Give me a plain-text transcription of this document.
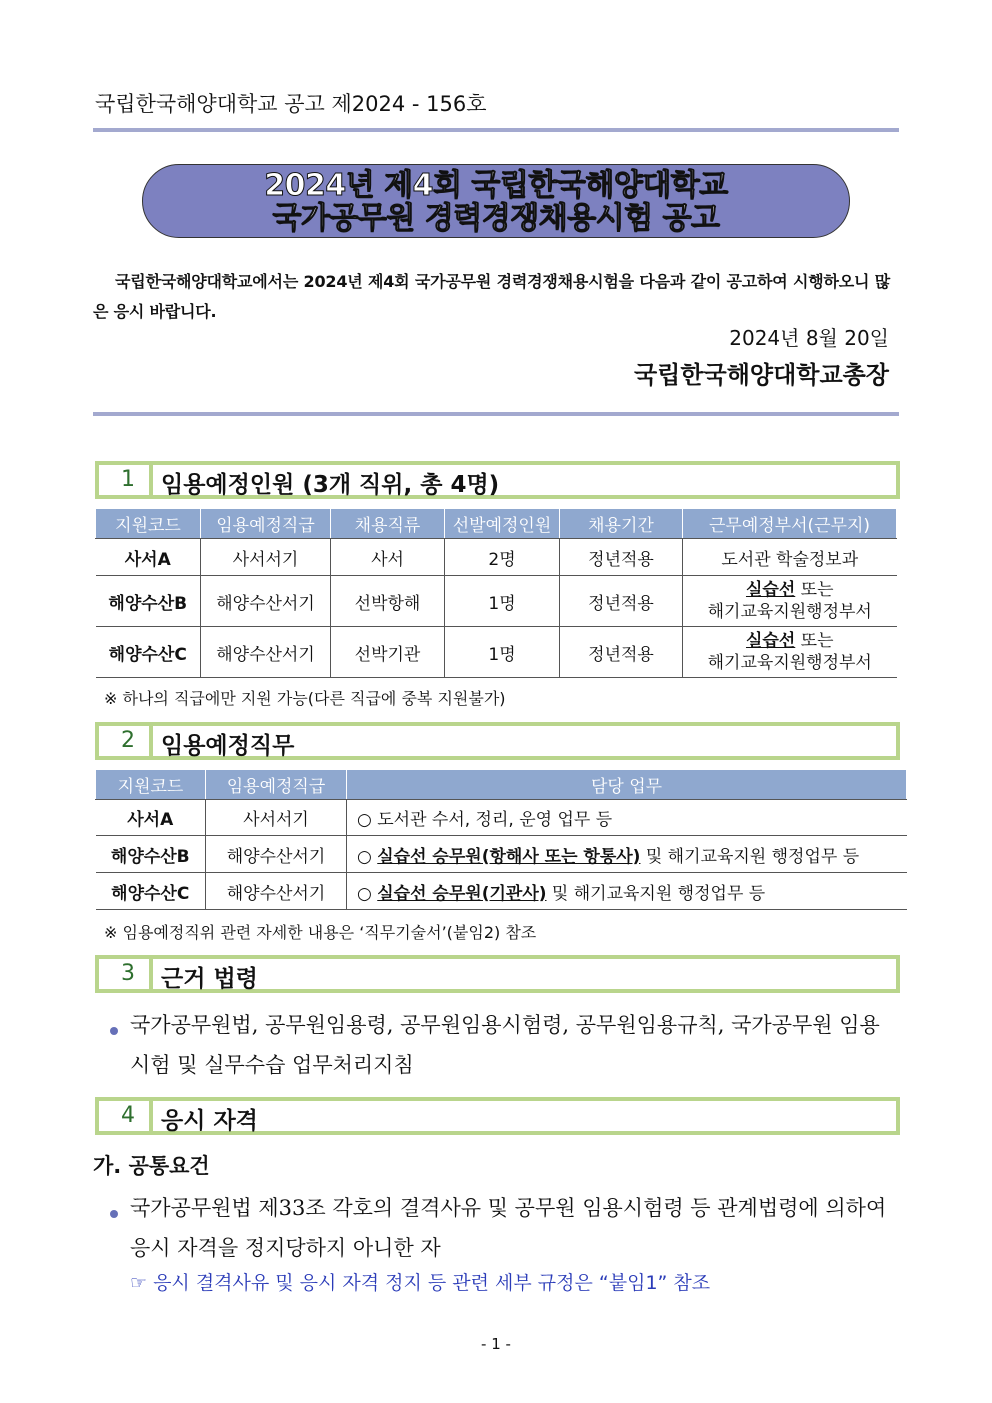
국립한국해양대학교 공고 제2024 - 156호
2024년 제4회 국립한국해양대학교
국가공무원 경력경쟁채용시험 공고
국립한국해양대학교에서는 2024년 제4회 국가공무원 경력경쟁채용시험을 다음과 같이 공고하여 시행하오니 많은 응시 바랍니다.
2024년 8월 20일
국립한국해양대학교총장
1	임용예정인원 (3개 직위, 총 4명)
지원코드	임용예정직급	채용직류	선발예정인원	채용기간	근무예정부서(근무지)
사서A	사서서기	사서	2명	정년적용	도서관 학술정보과
해양수산B	해양수산서기	선박항해	1명	정년적용	실습선 또는
해기교육지원행정부서
해양수산C	해양수산서기	선박기관	1명	정년적용	실습선 또는
해기교육지원행정부서
※ 하나의 직급에만 지원 가능(다른 직급에 중복 지원불가)
2	임용예정직무
지원코드	임용예정직급	담당 업무
사서A	사서서기	○ 도서관 수서, 정리, 운영 업무 등
해양수산B	해양수산서기	○ 실습선 승무원(항해사 또는 항통사) 및 해기교육지원 행정업무 등
해양수산C	해양수산서기	○ 실습선 승무원(기관사) 및 해기교육지원 행정업무 등
※ 임용예정직위 관련 자세한 내용은 ‘직무기술서’(붙임2) 참조
3	근거 법령
국가공무원법, 공무원임용령, 공무원임용시험령, 공무원임용규칙, 국가공무원 임용시험 및 실무수습 업무처리지침
4	응시 자격
가. 공통요건
국가공무원법 제33조 각호의 결격사유 및 공무원 임용시험령 등 관계법령에 의하여 응시 자격을 정지당하지 아니한 자
☞ 응시 결격사유 및 응시 자격 정지 등 관련 세부 규정은 “붙임1” 참조
- 1 -
